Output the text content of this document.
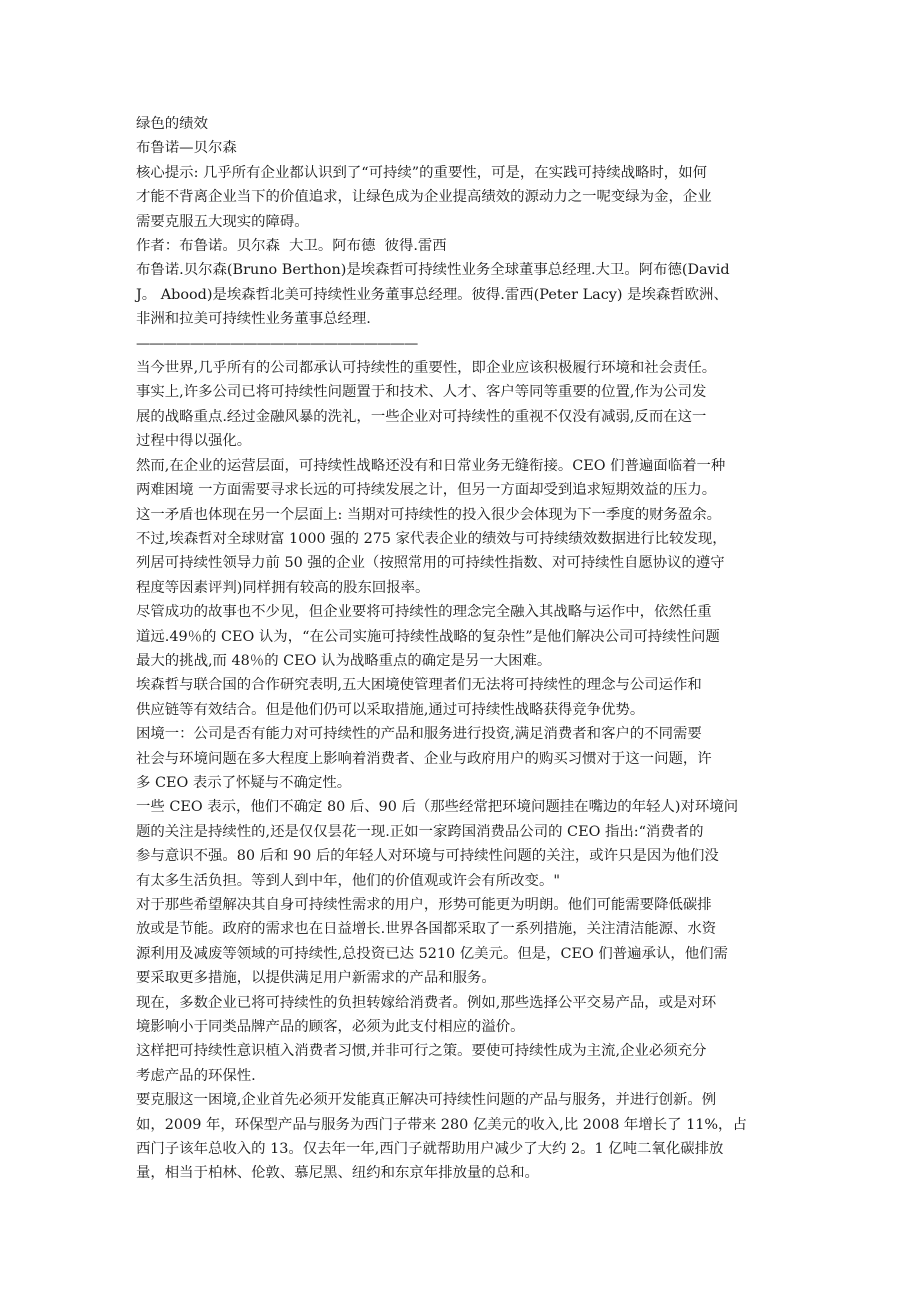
绿色的绩效
布鲁诺—贝尔森
核心提示: 几乎所有企业都认识到了“可持续”的重要性，可是，在实践可持续战略时，如何
才能不背离企业当下的价值追求，让绿色成为企业提高绩效的源动力之一呢变绿为金，企业
需要克服五大现实的障碍。
作者：布鲁诺。贝尔森  大卫。阿布德  彼得.雷西
布鲁诺.贝尔森(Bruno Berthon)是埃森哲可持续性业务全球董事总经理.大卫。阿布德(David
J。 Abood)是埃森哲北美可持续性业务董事总经理。彼得.雷西(Peter Lacy) 是埃森哲欧洲、
非洲和拉美可持续性业务董事总经理.
—————————————————————
当今世界,几乎所有的公司都承认可持续性的重要性，即企业应该积极履行环境和社会责任。
事实上,许多公司已将可持续性问题置于和技术、人才、客户等同等重要的位置,作为公司发
展的战略重点.经过金融风暴的洗礼，一些企业对可持续性的重视不仅没有减弱,反而在这一
过程中得以强化。
然而,在企业的运营层面，可持续性战略还没有和日常业务无缝衔接。CEO 们普遍面临着一种
两难困境 一方面需要寻求长远的可持续发展之计，但另一方面却受到追求短期效益的压力。
这一矛盾也体现在另一个层面上: 当期对可持续性的投入很少会体现为下一季度的财务盈余。
不过,埃森哲对全球财富 1000 强的 275 家代表企业的绩效与可持续绩效数据进行比较发现，
列居可持续性领导力前 50 强的企业（按照常用的可持续性指数、对可持续性自愿协议的遵守
程度等因素评判)同样拥有较高的股东回报率。
尽管成功的故事也不少见，但企业要将可持续性的理念完全融入其战略与运作中，依然任重
道远.49％的 CEO 认为，“在公司实施可持续性战略的复杂性”是他们解决公司可持续性问题
最大的挑战,而 48％的 CEO 认为战略重点的确定是另一大困难。
埃森哲与联合国的合作研究表明,五大困境使管理者们无法将可持续性的理念与公司运作和
供应链等有效结合。但是他们仍可以采取措施,通过可持续性战略获得竞争优势。
困境一：公司是否有能力对可持续性的产品和服务进行投资,满足消费者和客户的不同需要
社会与环境问题在多大程度上影响着消费者、企业与政府用户的购买习惯对于这一问题，许
多 CEO 表示了怀疑与不确定性。
一些 CEO 表示，他们不确定 80 后、90 后（那些经常把环境问题挂在嘴边的年轻人)对环境问
题的关注是持续性的,还是仅仅昙花一现.正如一家跨国消费品公司的 CEO 指出:“消费者的
参与意识不强。80 后和 90 后的年轻人对环境与可持续性问题的关注，或许只是因为他们没
有太多生活负担。等到人到中年，他们的价值观或许会有所改变。"
对于那些希望解决其自身可持续性需求的用户，形势可能更为明朗。他们可能需要降低碳排
放或是节能。政府的需求也在日益增长.世界各国都采取了一系列措施，关注清洁能源、水资
源利用及减废等领域的可持续性,总投资已达 5210 亿美元。但是，CEO 们普遍承认，他们需
要采取更多措施，以提供满足用户新需求的产品和服务。
现在，多数企业已将可持续性的负担转嫁给消费者。例如,那些选择公平交易产品，或是对环
境影响小于同类品牌产品的顾客，必须为此支付相应的溢价。
这样把可持续性意识植入消费者习惯,并非可行之策。要使可持续性成为主流,企业必须充分
考虑产品的环保性.
要克服这一困境,企业首先必须开发能真正解决可持续性问题的产品与服务，并进行创新。例
如，2009 年，环保型产品与服务为西门子带来 280 亿美元的收入,比 2008 年增长了 11%，占
西门子该年总收入的 13。仅去年一年,西门子就帮助用户减少了大约 2。1 亿吨二氧化碳排放
量，相当于柏林、伦敦、慕尼黑、纽约和东京年排放量的总和。
